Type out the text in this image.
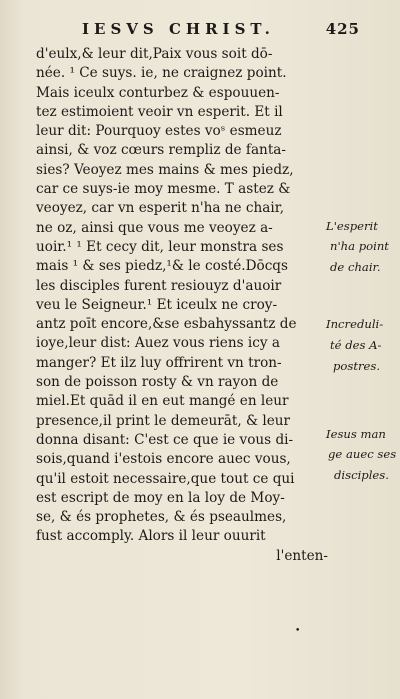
IESVS CHRIST.	425
d'eulx,& leur dit,Paix vous soit dō-
née. ¹ Ce suys. ie, ne craignez point.
Mais iceulx conturbez & espouuen-
tez estimoient veoir vn esperit. Et il
leur dit: Pourquoy estes voˢ esmeuz
ainsi, & voz cœurs rempliz de fanta-
sies? Veoyez mes mains & mes piedz,
car ce suys-ie moy mesme. T astez &
veoyez, car vn esperit n'ha ne chair,
ne oz, ainsi que vous me veoyez a-
uoir.¹ ¹ Et cecy dit, leur monstra ses
mais ¹ & ses piedz,¹& le costé.Dōcqs
les disciples furent resiouyz d'auoir
veu le Seigneur.¹ Et iceulx ne croy-
antz poīt encore,&se esbahyssantz de
ioye,leur dist: Auez vous riens icy a
manger? Et ilz luy offrirent vn tron-
son de poisson rosty & vn rayon de
miel.Et quād il en eut mangé en leur
presence,il print le demeurāt, & leur
donna disant: C'est ce que ie vous di-
sois,quand i'estois encore auec vous,
qu'il estoit necessaire,que tout ce qui
est escript de moy en la loy de Moy-
se, & és prophetes, & és pseaulmes,
fust accomply. Alors il leur ouurit
l'enten-
L'esperit
n'ha point
de chair.
Increduli-
té des A-
postres.
Iesus man
ge auec ses
disciples.
•
